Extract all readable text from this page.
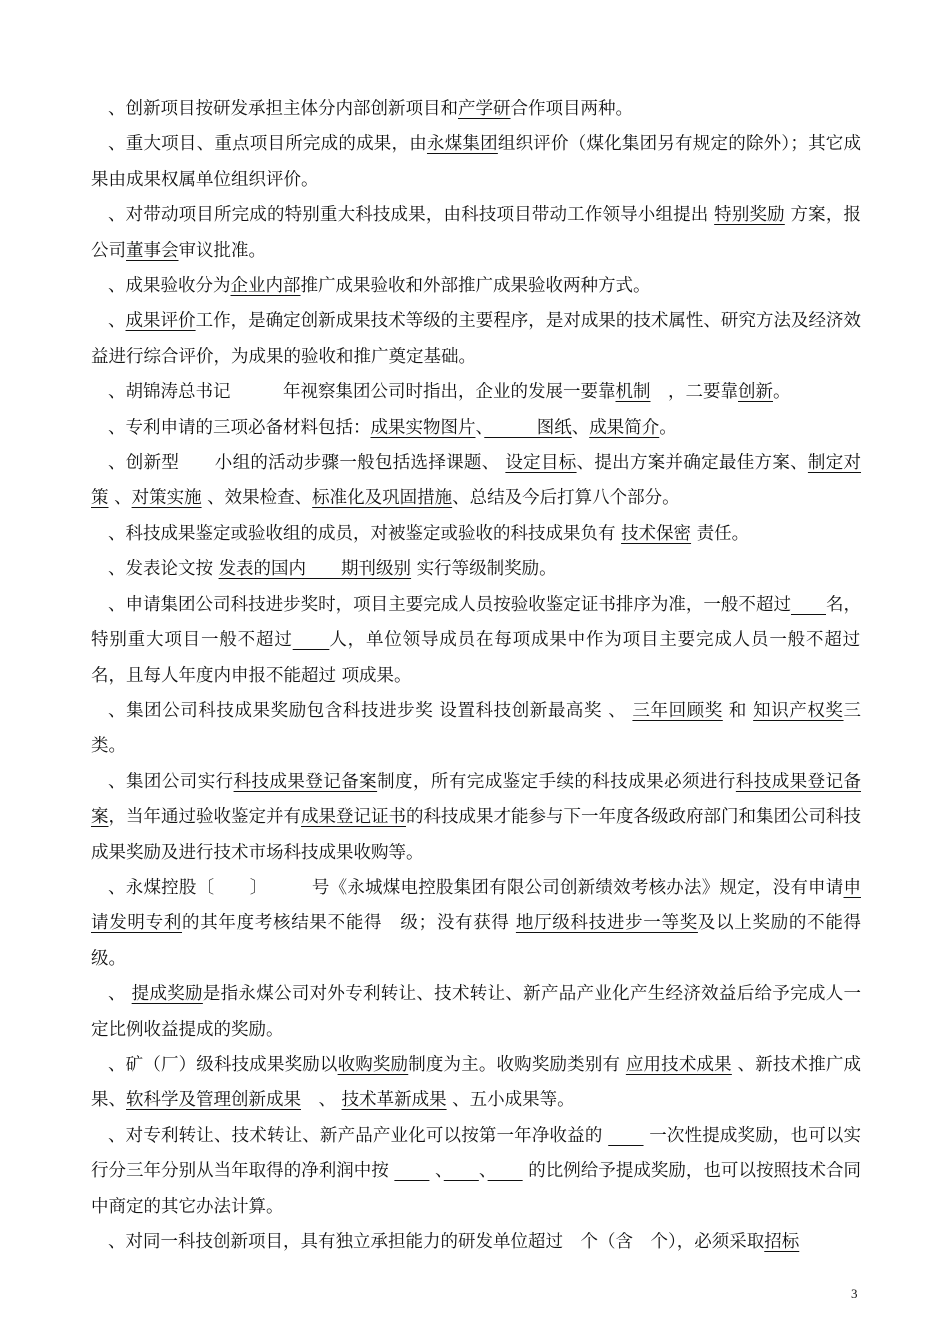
、创新项目按研发承担主体分内部创新项目和产学研合作项目两种。

、重大项目、重点项目所完成的成果，由永煤集团组织评价（煤化集团另有规定的除外）；其它成果由成果权属单位组织评价。

、对带动项目所完成的特别重大科技成果，由科技项目带动工作领导小组提出 特别奖励 方案，报公司董事会审议批准。

、成果验收分为企业内部推广成果验收和外部推广成果验收两种方式。

、成果评价工作，是确定创新成果技术等级的主要程序，是对成果的技术属性、研究方法及经济效益进行综合评价，为成果的验收和推广奠定基础。

、胡锦涛总书记　　　年视察集团公司时指出，企业的发展一要靠机制　，二要靠创新。

、专利申请的三项必备材料包括：成果实物图片、　　　图纸、成果简介。

、创新型　　小组的活动步骤一般包括选择课题、 设定目标、提出方案并确定最佳方案、制定对策 、对策实施 、效果检查、标准化及巩固措施、总结及今后打算八个部分。

、科技成果鉴定或验收组的成员，对被鉴定或验收的科技成果负有 技术保密 责任。

、发表论文按 发表的国内　　期刊级别 实行等级制奖励。

、申请集团公司科技进步奖时，项目主要完成人员按验收鉴定证书排序为准，一般不超过　　 名，特别重大项目一般不超过　　 人，单位领导成员在每项成果中作为项目主要完成人员一般不超过 名，且每人年度内申报不能超过 项成果。

、集团公司科技成果奖励包含科技进步奖 设置科技创新最高奖 、 三年回顾奖 和 知识产权奖三类。

、集团公司实行科技成果登记备案制度，所有完成鉴定手续的科技成果必须进行科技成果登记备案，当年通过验收鉴定并有成果登记证书的科技成果才能参与下一年度各级政府部门和集团公司科技成果奖励及进行技术市场科技成果收购等。

、永煤控股〔　　〕　　　号《永城煤电控股集团有限公司创新绩效考核办法》规定，没有申请申请发明专利的其年度考核结果不能得　级；没有获得 地厅级科技进步一等奖及以上奖励的不能得　级。

、 提成奖励是指永煤公司对外专利转让、技术转让、新产品产业化产生经济效益后给予完成人一定比例收益提成的奖励。

、矿（厂）级科技成果奖励以收购奖励制度为主。收购奖励类别有 应用技术成果 、新技术推广成果、软科学及管理创新成果　、 技术革新成果 、五小成果等。

、对专利转让、技术转让、新产品产业化可以按第一年净收益的 　　 一次性提成奖励，也可以实行分三年分别从当年取得的净利润中按 　　 、　　 、　　 的比例给予提成奖励，也可以按照技术合同中商定的其它办法计算。

、对同一科技创新项目，具有独立承担能力的研发单位超过　个（含　个），必须采取招标

3
